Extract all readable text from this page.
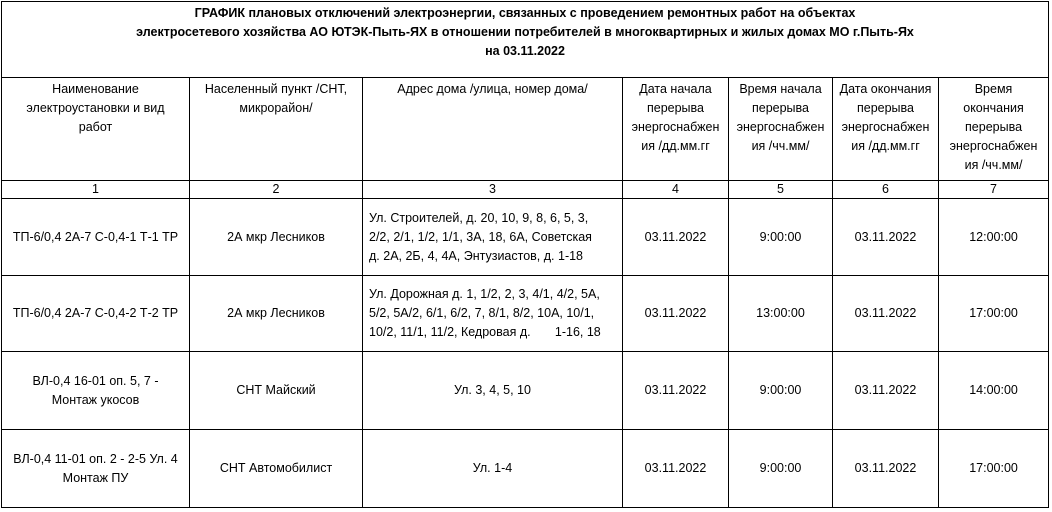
ГРАФИК плановых отключений электроэнергии, связанных с проведением ремонтных работ на объектах
электросетевого хозяйства АО ЮТЭК-Пыть-ЯХ в отношении потребителей в многоквартирных и жилых домах МО г.Пыть-Ях
на 03.11.2022						

Наименование
электроустановки и вид
работ	Населенный пункт /СНТ,
микрорайон/	Адрес дома /улица, номер дома/	Дата начала
перерыва
энергоснабжен
ия /дд.мм.гг	Время начала
перерыва
энергоснабжен
ия /чч.мм/	Дата окончания
перерыва
энергоснабжен
ия /дд.мм.гг	Время
окончания
перерыва
энергоснабжен
ия /чч.мм/

1	2	3	4	5	6	7

ТП-6/0,4 2А-7 С-0,4-1 Т-1 ТР	2А мкр Лесников	Ул. Строителей, д. 20, 10, 9, 8, 6, 5, 3,
2/2, 2/1, 1/2, 1/1, 3А, 18, 6А, Советская
д. 2А, 2Б, 4, 4А, Энтузиастов, д. 1-18	03.11.2022	9:00:00	03.11.2022	12:00:00

ТП-6/0,4 2А-7 С-0,4-2 Т-2 ТР	2А мкр Лесников	Ул. Дорожная д. 1, 1/2, 2, 3, 4/1, 4/2, 5А,
5/2, 5А/2, 6/1, 6/2, 7, 8/1, 8/2, 10А, 10/1,
10/2, 11/1, 11/2, Кедровая д.       1-16, 18	03.11.2022	13:00:00	03.11.2022	17:00:00

ВЛ-0,4 16-01 оп. 5, 7 -
Монтаж укосов	СНТ Майский	Ул. 3, 4, 5, 10	03.11.2022	9:00:00	03.11.2022	14:00:00

ВЛ-0,4 11-01 оп. 2 - 2-5 Ул. 4
Монтаж ПУ	СНТ Автомобилист	Ул. 1-4	03.11.2022	9:00:00	03.11.2022	17:00:00
